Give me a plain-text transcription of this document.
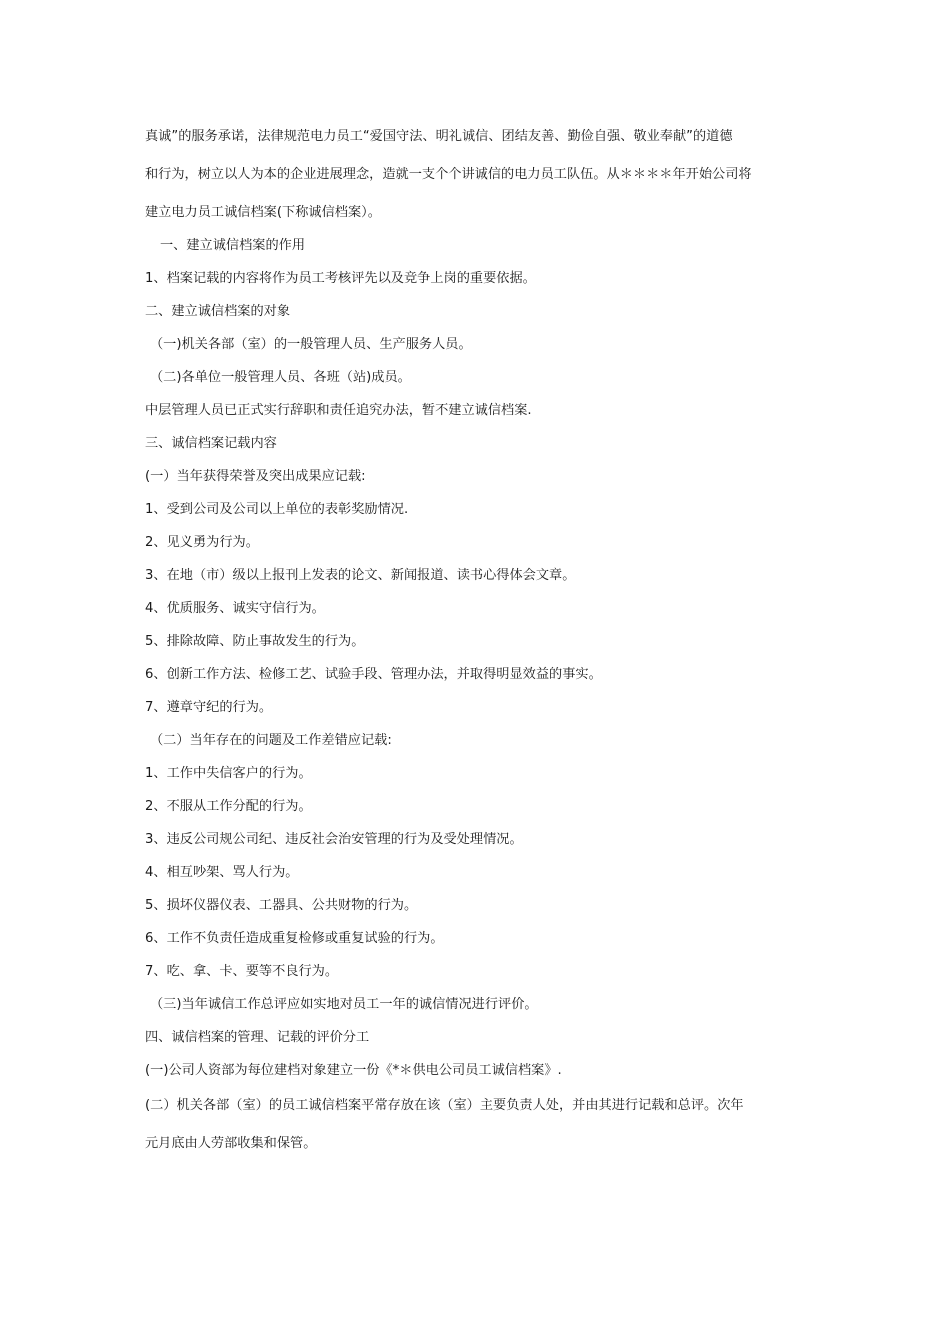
真诚”的服务承诺，法律规范电力员工“爱国守法、明礼诚信、团结友善、勤俭自强、敬业奉献”的道德
和行为，树立以人为本的企业进展理念，造就一支个个讲诚信的电力员工队伍。从＊＊＊＊年开始公司将
建立电力员工诚信档案(下称诚信档案）。
一、建立诚信档案的作用
1、档案记载的内容将作为员工考核评先以及竞争上岗的重要依据。
二、建立诚信档案的对象
（一)机关各部（室）的一般管理人员、生产服务人员。
（二)各单位一般管理人员、各班（站)成员。
中层管理人员已正式实行辞职和责任追究办法，暂不建立诚信档案.
三、诚信档案记载内容
(一）当年获得荣誉及突出成果应记载:
1、受到公司及公司以上单位的表彰奖励情况.
2、见义勇为行为。
3、在地（市）级以上报刊上发表的论文、新闻报道、读书心得体会文章。
4、优质服务、诚实守信行为。
5、排除故障、防止事故发生的行为。
6、创新工作方法、检修工艺、试验手段、管理办法，并取得明显效益的事实。
7、遵章守纪的行为。
（二）当年存在的问题及工作差错应记载:
1、工作中失信客户的行为。
2、不服从工作分配的行为。
3、违反公司规公司纪、违反社会治安管理的行为及受处理情况。
4、相互吵架、骂人行为。
5、损坏仪器仪表、工器具、公共财物的行为。
6、工作不负责任造成重复检修或重复试验的行为。
7、吃、拿、卡、要等不良行为。
（三)当年诚信工作总评应如实地对员工一年的诚信情况进行评价。
四、诚信档案的管理、记载的评价分工
(一)公司人资部为每位建档对象建立一份《*＊供电公司员工诚信档案》.
(二）机关各部（室）的员工诚信档案平常存放在该（室）主要负责人处，并由其进行记载和总评。次年
元月底由人劳部收集和保管。
